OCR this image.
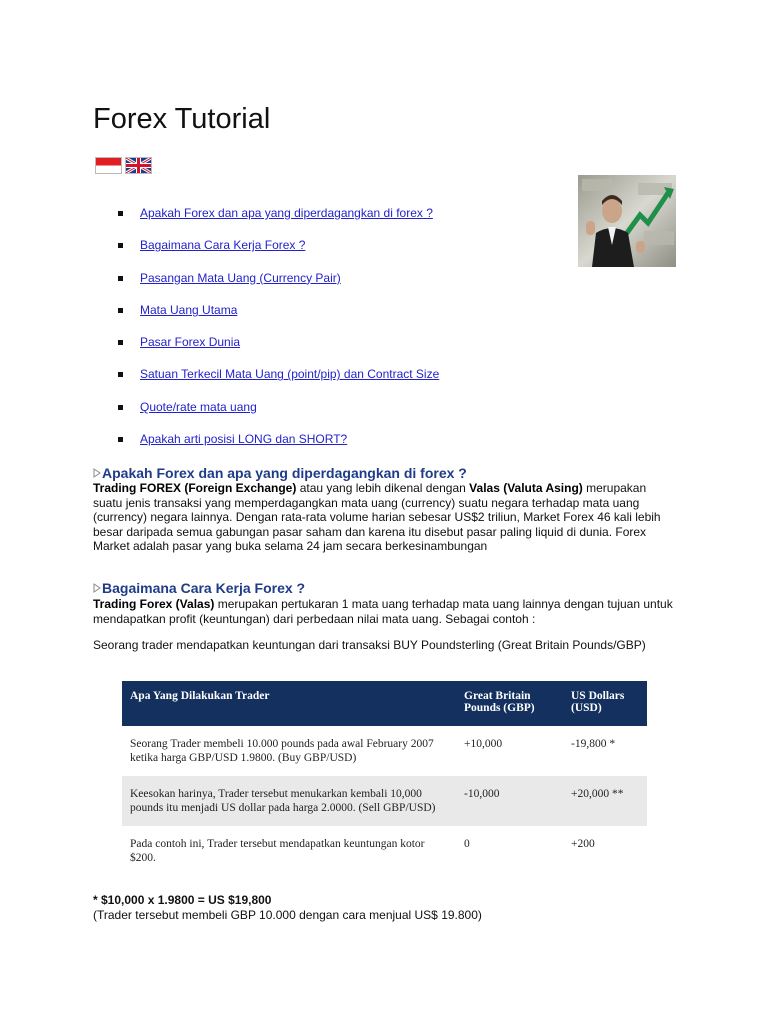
Forex Tutorial
Apakah Forex dan apa yang diperdagangkan di forex ?
Bagaimana Cara Kerja Forex ?
Pasangan Mata Uang (Currency Pair)
Mata Uang Utama
Pasar Forex Dunia
Satuan Terkecil Mata Uang (point/pip) dan Contract Size
Quote/rate mata uang
Apakah arti posisi LONG dan SHORT?
Apakah Forex dan apa yang diperdagangkan di forex ?

Trading FOREX (Foreign Exchange) atau yang lebih dikenal dengan Valas (Valuta Asing) merupakan suatu jenis transaksi yang memperdagangkan mata uang (currency) suatu negara terhadap mata uang (currency) negara lainnya. Dengan rata-rata volume harian sebesar US$2 triliun, Market Forex 46 kali lebih besar daripada semua gabungan pasar saham dan karena itu disebut pasar paling liquid di dunia. Forex Market adalah pasar yang buka selama 24 jam secara berkesinambungan

Bagaimana Cara Kerja Forex ?

Trading Forex (Valas) merupakan pertukaran 1 mata uang terhadap mata uang lainnya dengan tujuan untuk mendapatkan profit (keuntungan) dari perbedaan nilai mata uang. Sebagai contoh :

Seorang trader mendapatkan keuntungan dari transaksi BUY Poundsterling (Great Britain Pounds/GBP)

Apa Yang Dilakukan Trader	Great Britain Pounds (GBP)	US Dollars (USD)
Seorang Trader membeli 10.000 pounds pada awal February 2007 ketika harga GBP/USD 1.9800. (Buy GBP/USD)	+10,000	-19,800 *
Keesokan harinya, Trader tersebut menukarkan kembali 10,000 pounds itu menjadi US dollar pada harga 2.0000. (Sell GBP/USD)	-10,000	+20,000 **
Pada contoh ini, Trader tersebut mendapatkan keuntungan kotor $200.	0	+200

* $10,000 x 1.9800 = US $19,800

(Trader tersebut membeli GBP 10.000 dengan cara menjual US$ 19.800)
